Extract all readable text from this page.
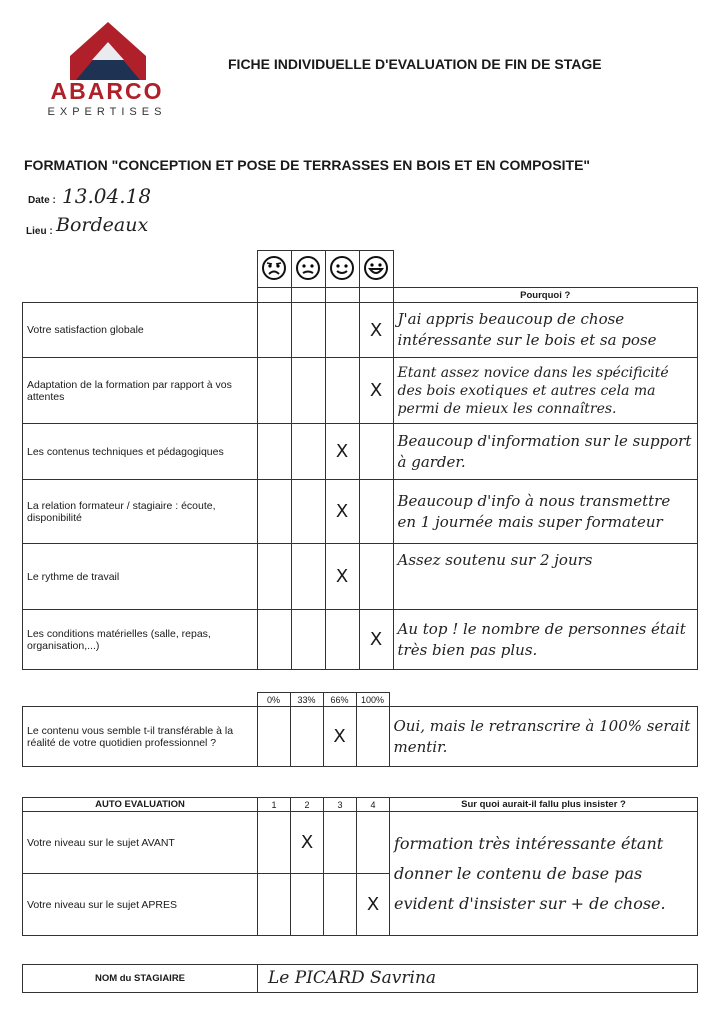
ABARCO
EXPERTISES
FICHE INDIVIDUELLE D'EVALUATION DE FIN DE STAGE
FORMATION "CONCEPTION ET POSE DE TERRASSES EN BOIS ET EN COMPOSITE"
Date : 13.04.18
Lieu : Bordeaux

					Pourquoi ?
Votre satisfaction globale				X	J'ai appris beaucoup de chose intéressante sur le bois et sa pose
Adaptation de la formation par rapport à vos attentes				X	Etant assez novice dans les spécificité des bois exotiques et autres cela ma permi de mieux les connaîtres.
Les contenus techniques et pédagogiques			X		Beaucoup d'information sur le support à garder.
La relation formateur / stagiaire : écoute, disponibilité			X		Beaucoup d'info à nous transmettre en 1 journée mais super formateur
Le rythme de travail			X		Assez soutenu sur 2 jours
Les conditions matérielles (salle, repas, organisation,...)				X	Au top ! le nombre de personnes était très bien pas plus.
	0%	33%	66%	100%	
Le contenu vous semble t-il transférable à la réalité de votre quotidien professionnel ?			X		Oui, mais le retranscrire à 100% serait mentir.
AUTO EVALUATION	1	2	3	4	Sur quoi aurait-il fallu plus insister ?
Votre niveau sur le sujet AVANT		X			formation très intéressante étant donner le contenu de base pas evident d'insister sur + de chose.
Votre niveau sur le sujet APRES				X	
NOM du STAGIAIRE	Le PICARD Savrina
